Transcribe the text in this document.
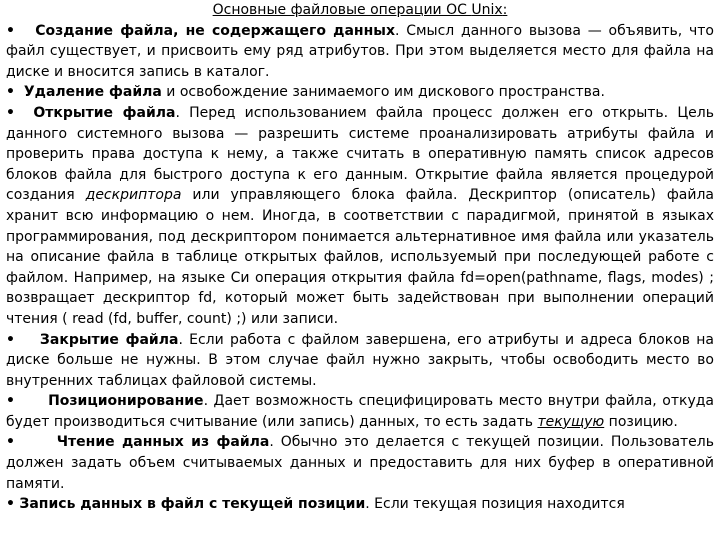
Основные файловые операции ОС Unix:

• Создание файла, не содержащего данных. Смысл данного вызова — объявить, что файл существует, и присвоить ему ряд атрибутов. При этом выделяется место для файла на диске и вносится запись в каталог.

• Удаление файла и освобождение занимаемого им дискового пространства.

• Открытие файла. Перед использованием файла процесс должен его открыть. Цель данного системного вызова — разрешить системе проанализировать атрибуты файла и проверить права доступа к нему, а также считать в оперативную память список адресов блоков файла для быстрого доступа к его данным. Открытие файла является процедурой создания дескриптора или управляющего блока файла. Дескриптор (описатель) файла хранит всю информацию о нем. Иногда, в соответствии с парадигмой, принятой в языках программирования, под дескриптором понимается альтернативное имя файла или указатель на описание файла в таблице открытых файлов, используемый при последующей работе с файлом. Например, на языке Си операция открытия файла fd=open(pathname, flags, modes) ; возвращает дескриптор fd, который может быть задействован при выполнении операций чтения ( read (fd, buffer, count) ;) или записи.

• Закрытие файла. Если работа с файлом завершена, его атрибуты и адреса блоков на диске больше не нужны. В этом случае файл нужно закрыть, чтобы освободить место во внутренних таблицах файловой системы.

• Позиционирование. Дает возможность специфицировать место внутри файла, откуда будет производиться считывание (или запись) данных, то есть задать текущую позицию.

•	Чтение данных из файла. Обычно это делается с текущей позиции. Пользователь должен задать объем считываемых данных и предоставить для них буфер в оперативной памяти.

• Запись данных в файл с текущей позиции. Если текущая позиция находится
